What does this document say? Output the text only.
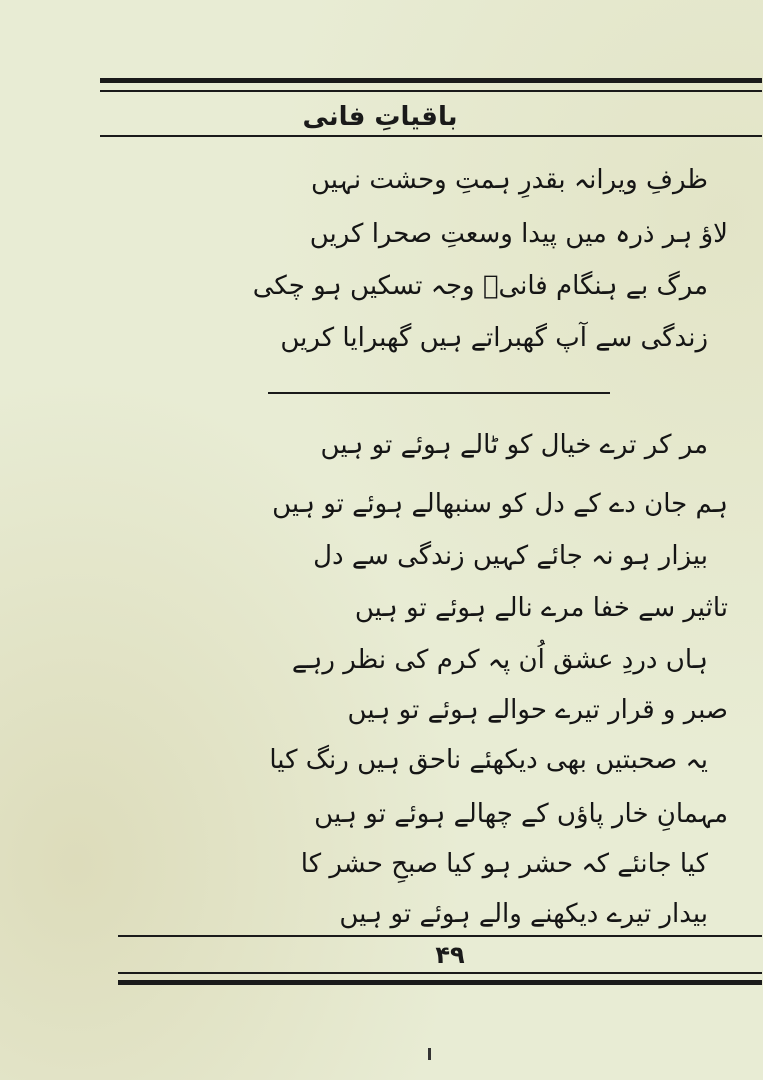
باقیاتِ فانی
ظرفِ ویرانہ بقدرِ ہمتِ وحشت نہیں
لاؤ ہر ذرہ میں پیدا وسعتِ صحرا کریں
مرگ بے ہنگام فانیؔ وجہ تسکیں ہو چکی
زندگی سے آپ گھبراتے ہیں گھبرایا کریں
مر کر ترے خیال کو ٹالے ہوئے تو ہیں
ہم جان دے کے دل کو سنبھالے ہوئے تو ہیں
بیزار ہو نہ جائے کہیں زندگی سے دل
تاثیر سے خفا مرے نالے ہوئے تو ہیں
ہاں دردِ عشق اُن پہ کرم کی نظر رہے
صبر و قرار تیرے حوالے ہوئے تو ہیں
یہ صحبتیں بھی دیکھئے ناحق ہیں رنگ کیا
مہمانِ خار پاؤں کے چھالے ہوئے تو ہیں
کیا جانئے کہ حشر ہو کیا صبحِ حشر کا
بیدار تیرے دیکھنے والے ہوئے تو ہیں
۴۹
